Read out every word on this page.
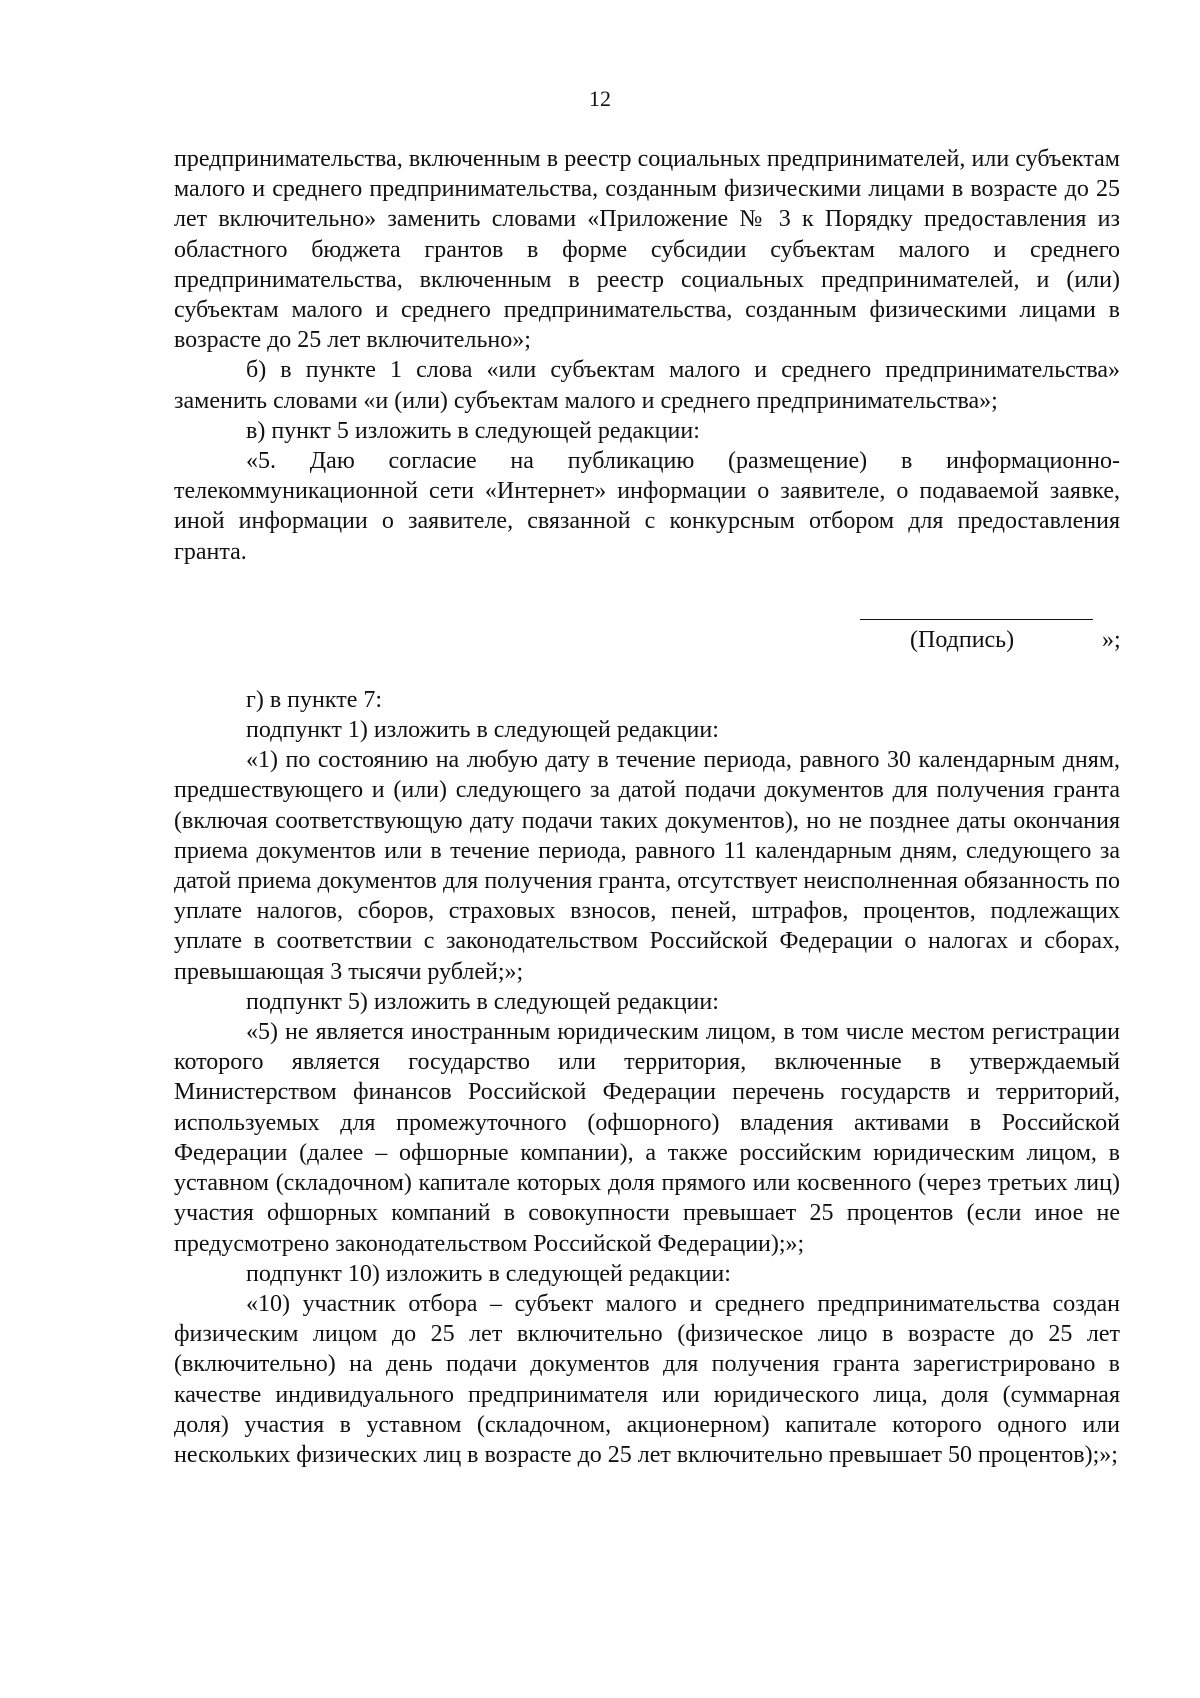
12

предпринимательства, включенным в реестр социальных предпринимателей, или субъектам малого и среднего предпринимательства, созданным физическими лицами в возрасте до 25 лет включительно» заменить словами «Приложение № 3 к Порядку предоставления из областного бюджета грантов в форме субсидии субъектам малого и среднего предпринимательства, включенным в реестр социальных предпринимателей, и (или) субъектам малого и среднего предпринимательства, созданным физическими лицами в возрасте до 25 лет включительно»;

б) в пункте 1 слова «или субъектам малого и среднего предпринимательства» заменить словами «и (или) субъектам малого и среднего предпринимательства»;

в) пункт 5 изложить в следующей редакции:

«5. Даю согласие на публикацию (размещение) в информационно-телекоммуникационной сети «Интернет» информации о заявителе, о подаваемой заявке, иной информации о заявителе, связанной с конкурсным отбором для предоставления гранта.

(Подпись)	»;

г) в пункте 7:

подпункт 1) изложить в следующей редакции:

«1) по состоянию на любую дату в течение периода, равного 30 календарным дням, предшествующего и (или) следующего за датой подачи документов для получения гранта (включая соответствующую дату подачи таких документов), но не позднее даты окончания приема документов или в течение периода, равного 11 календарным дням, следующего за датой приема документов для получения гранта, отсутствует неисполненная обязанность по уплате налогов, сборов, страховых взносов, пеней, штрафов, процентов, подлежащих уплате в соответствии с законодательством Российской Федерации о налогах и сборах, превышающая 3 тысячи рублей;»;

подпункт 5) изложить в следующей редакции:

«5) не является иностранным юридическим лицом, в том числе местом регистрации которого является государство или территория, включенные в утверждаемый Министерством финансов Российской Федерации перечень государств и территорий, используемых для промежуточного (офшорного) владения активами в Российской Федерации (далее – офшорные компании), а также российским юридическим лицом, в уставном (складочном) капитале которых доля прямого или косвенного (через третьих лиц) участия офшорных компаний в совокупности превышает 25 процентов (если иное не предусмотрено законодательством Российской Федерации);»;

подпункт 10) изложить в следующей редакции:

«10) участник отбора – субъект малого и среднего предпринимательства создан физическим лицом до 25 лет включительно (физическое лицо в возрасте до 25 лет (включительно) на день подачи документов для получения гранта зарегистрировано в качестве индивидуального предпринимателя или юридического лица, доля (суммарная доля) участия в уставном (складочном, акционерном) капитале которого одного или нескольких физических лиц в возрасте до 25 лет включительно превышает 50 процентов);»;
